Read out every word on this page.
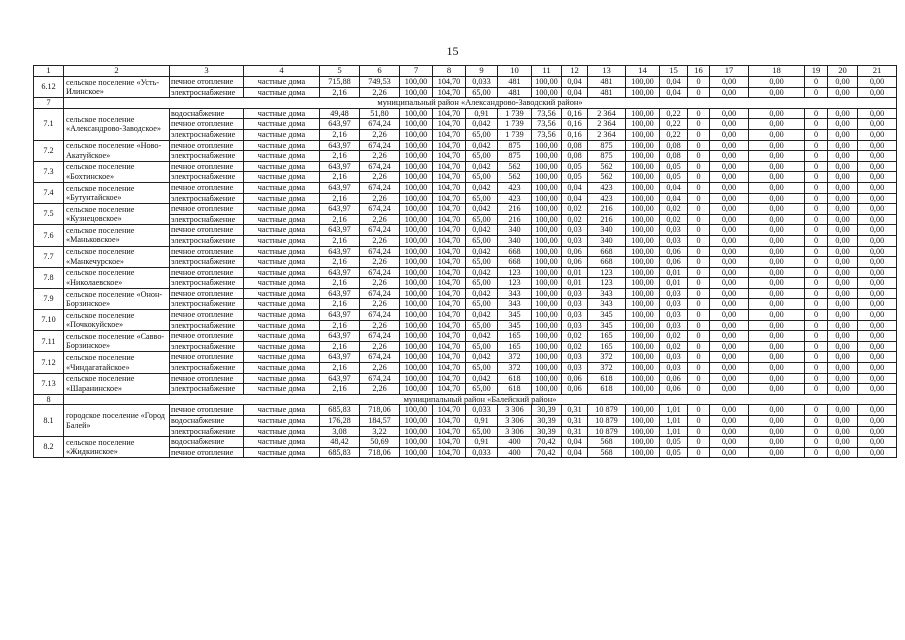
15
1	2	3	4	5	6	7	8	9	10	11	12	13	14	15	16	17	18	19	20	21
6.12	сельское поселение «Усть-Илинское»	печное отопление	частные дома	715,88	749,53	100,00	104,70	0,033	481	100,00	0,04	481	100,00	0,04	0	0,00	0,00	0	0,00	0,00
		электроснабжение	частные дома	2,16	2,26	100,00	104,70	65,00	481	100,00	0,04	481	100,00	0,04	0	0,00	0,00	0	0,00	0,00
7	муниципальный район «Александрово-Заводский район»																			
7.1	сельское поселение «Александрово-Заводское»	водоснабжение	частные дома	49,48	51,80	100,00	104,70	0,91	1 739	73,56	0,16	2 364	100,00	0,22	0	0,00	0,00	0	0,00	0,00
		печное отопление	частные дома	643,97	674,24	100,00	104,70	0,042	1 739	73,56	0,16	2 364	100,00	0,22	0	0,00	0,00	0	0,00	0,00
		электроснабжение	частные дома	2,16	2,26	100,00	104,70	65,00	1 739	73,56	0,16	2 364	100,00	0,22	0	0,00	0,00	0	0,00	0,00
7.2	сельское поселение «Ново-Акатуйское»	печное отопление	частные дома	643,97	674,24	100,00	104,70	0,042	875	100,00	0,08	875	100,00	0,08	0	0,00	0,00	0	0,00	0,00
		электроснабжение	частные дома	2,16	2,26	100,00	104,70	65,00	875	100,00	0,08	875	100,00	0,08	0	0,00	0,00	0	0,00	0,00
7.3	сельское поселение «Бохтинское»	печное отопление	частные дома	643,97	674,24	100,00	104,70	0,042	562	100,00	0,05	562	100,00	0,05	0	0,00	0,00	0	0,00	0,00
		электроснабжение	частные дома	2,16	2,26	100,00	104,70	65,00	562	100,00	0,05	562	100,00	0,05	0	0,00	0,00	0	0,00	0,00
7.4	сельское поселение «Бутунтайское»	печное отопление	частные дома	643,97	674,24	100,00	104,70	0,042	423	100,00	0,04	423	100,00	0,04	0	0,00	0,00	0	0,00	0,00
		электроснабжение	частные дома	2,16	2,26	100,00	104,70	65,00	423	100,00	0,04	423	100,00	0,04	0	0,00	0,00	0	0,00	0,00
7.5	сельское поселение «Кузнецовское»	печное отопление	частные дома	643,97	674,24	100,00	104,70	0,042	216	100,00	0,02	216	100,00	0,02	0	0,00	0,00	0	0,00	0,00
		электроснабжение	частные дома	2,16	2,26	100,00	104,70	65,00	216	100,00	0,02	216	100,00	0,02	0	0,00	0,00	0	0,00	0,00
7.6	сельское поселение «Маньковское»	печное отопление	частные дома	643,97	674,24	100,00	104,70	0,042	340	100,00	0,03	340	100,00	0,03	0	0,00	0,00	0	0,00	0,00
		электроснабжение	частные дома	2,16	2,26	100,00	104,70	65,00	340	100,00	0,03	340	100,00	0,03	0	0,00	0,00	0	0,00	0,00
7.7	сельское поселение «Манкечурское»	печное отопление	частные дома	643,97	674,24	100,00	104,70	0,042	668	100,00	0,06	668	100,00	0,06	0	0,00	0,00	0	0,00	0,00
		электроснабжение	частные дома	2,16	2,26	100,00	104,70	65,00	668	100,00	0,06	668	100,00	0,06	0	0,00	0,00	0	0,00	0,00
7.8	сельское поселение «Николаевское»	печное отопление	частные дома	643,97	674,24	100,00	104,70	0,042	123	100,00	0,01	123	100,00	0,01	0	0,00	0,00	0	0,00	0,00
		электроснабжение	частные дома	2,16	2,26	100,00	104,70	65,00	123	100,00	0,01	123	100,00	0,01	0	0,00	0,00	0	0,00	0,00
7.9	сельское поселение «Онон-Борзинское»	печное отопление	частные дома	643,97	674,24	100,00	104,70	0,042	343	100,00	0,03	343	100,00	0,03	0	0,00	0,00	0	0,00	0,00
		электроснабжение	частные дома	2,16	2,26	100,00	104,70	65,00	343	100,00	0,03	343	100,00	0,03	0	0,00	0,00	0	0,00	0,00
7.10	сельское поселение «Почкокуйское»	печное отопление	частные дома	643,97	674,24	100,00	104,70	0,042	345	100,00	0,03	345	100,00	0,03	0	0,00	0,00	0	0,00	0,00
		электроснабжение	частные дома	2,16	2,26	100,00	104,70	65,00	345	100,00	0,03	345	100,00	0,03	0	0,00	0,00	0	0,00	0,00
7.11	сельское поселение «Савво-Борзинское»	печное отопление	частные дома	643,97	674,24	100,00	104,70	0,042	165	100,00	0,02	165	100,00	0,02	0	0,00	0,00	0	0,00	0,00
		электроснабжение	частные дома	2,16	2,26	100,00	104,70	65,00	165	100,00	0,02	165	100,00	0,02	0	0,00	0,00	0	0,00	0,00
7.12	сельское поселение «Чиндагатайское»	печное отопление	частные дома	643,97	674,24	100,00	104,70	0,042	372	100,00	0,03	372	100,00	0,03	0	0,00	0,00	0	0,00	0,00
		электроснабжение	частные дома	2,16	2,26	100,00	104,70	65,00	372	100,00	0,03	372	100,00	0,03	0	0,00	0,00	0	0,00	0,00
7.13	сельское поселение «Шаранинское»	печное отопление	частные дома	643,97	674,24	100,00	104,70	0,042	618	100,00	0,06	618	100,00	0,06	0	0,00	0,00	0	0,00	0,00
		электроснабжение	частные дома	2,16	2,26	100,00	104,70	65,00	618	100,00	0,06	618	100,00	0,06	0	0,00	0,00	0	0,00	0,00
8	муниципальный район «Балейский район»																			
8.1	городское поселение «Город Балей»	печное отопление	частные дома	685,83	718,06	100,00	104,70	0,033	3 306	30,39	0,31	10 879	100,00	1,01	0	0,00	0,00	0	0,00	0,00
		водоснабжение	частные дома	176,28	184,57	100,00	104,70	0,91	3 306	30,39	0,31	10 879	100,00	1,01	0	0,00	0,00	0	0,00	0,00
		электроснабжение	частные дома	3,08	3,22	100,00	104,70	65,00	3 306	30,39	0,31	10 879	100,00	1,01	0	0,00	0,00	0	0,00	0,00
8.2	сельское поселение «Жидкинское»	водоснабжение	частные дома	48,42	50,69	100,00	104,70	0,91	400	70,42	0,04	568	100,00	0,05	0	0,00	0,00	0	0,00	0,00
		печное отопление	частные дома	685,83	718,06	100,00	104,70	0,033	400	70,42	0,04	568	100,00	0,05	0	0,00	0,00	0	0,00	0,00
